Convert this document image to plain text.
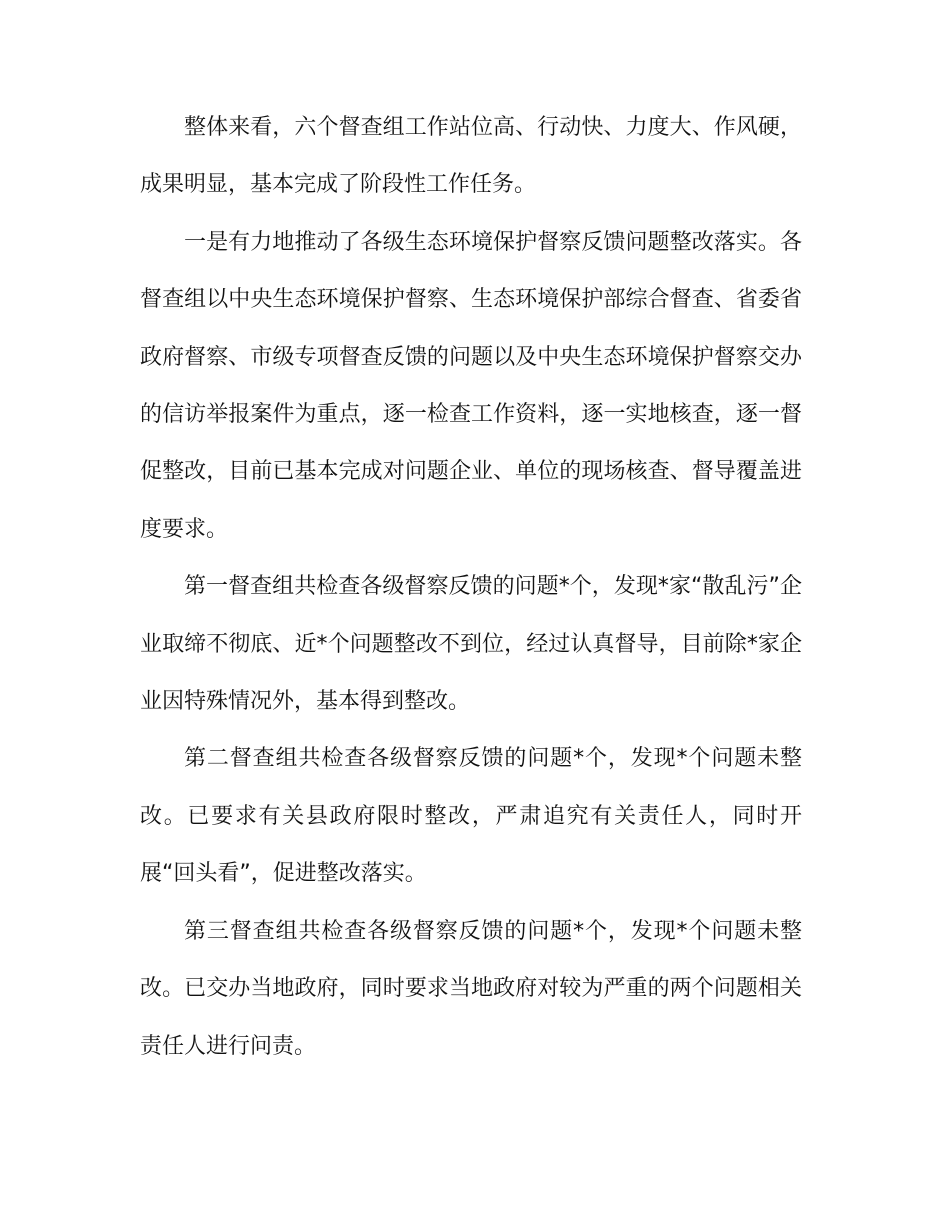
整体来看，六个督查组工作站位高、行动快、力度大、作风硬，成果明显，基本完成了阶段性工作任务。

一是有力地推动了各级生态环境保护督察反馈问题整改落实。各督查组以中央生态环境保护督察、生态环境保护部综合督查、省委省政府督察、市级专项督查反馈的问题以及中央生态环境保护督察交办的信访举报案件为重点，逐一检查工作资料，逐一实地核查，逐一督促整改，目前已基本完成对问题企业、单位的现场核查、督导覆盖进度要求。

第一督查组共检查各级督察反馈的问题*个，发现*家“散乱污”企业取缔不彻底、近*个问题整改不到位，经过认真督导，目前除*家企业因特殊情况外，基本得到整改。

第二督查组共检查各级督察反馈的问题*个，发现*个问题未整改。已要求有关县政府限时整改，严肃追究有关责任人，同时开展“回头看”，促进整改落实。

第三督查组共检查各级督察反馈的问题*个，发现*个问题未整改。已交办当地政府，同时要求当地政府对较为严重的两个问题相关责任人进行问责。
